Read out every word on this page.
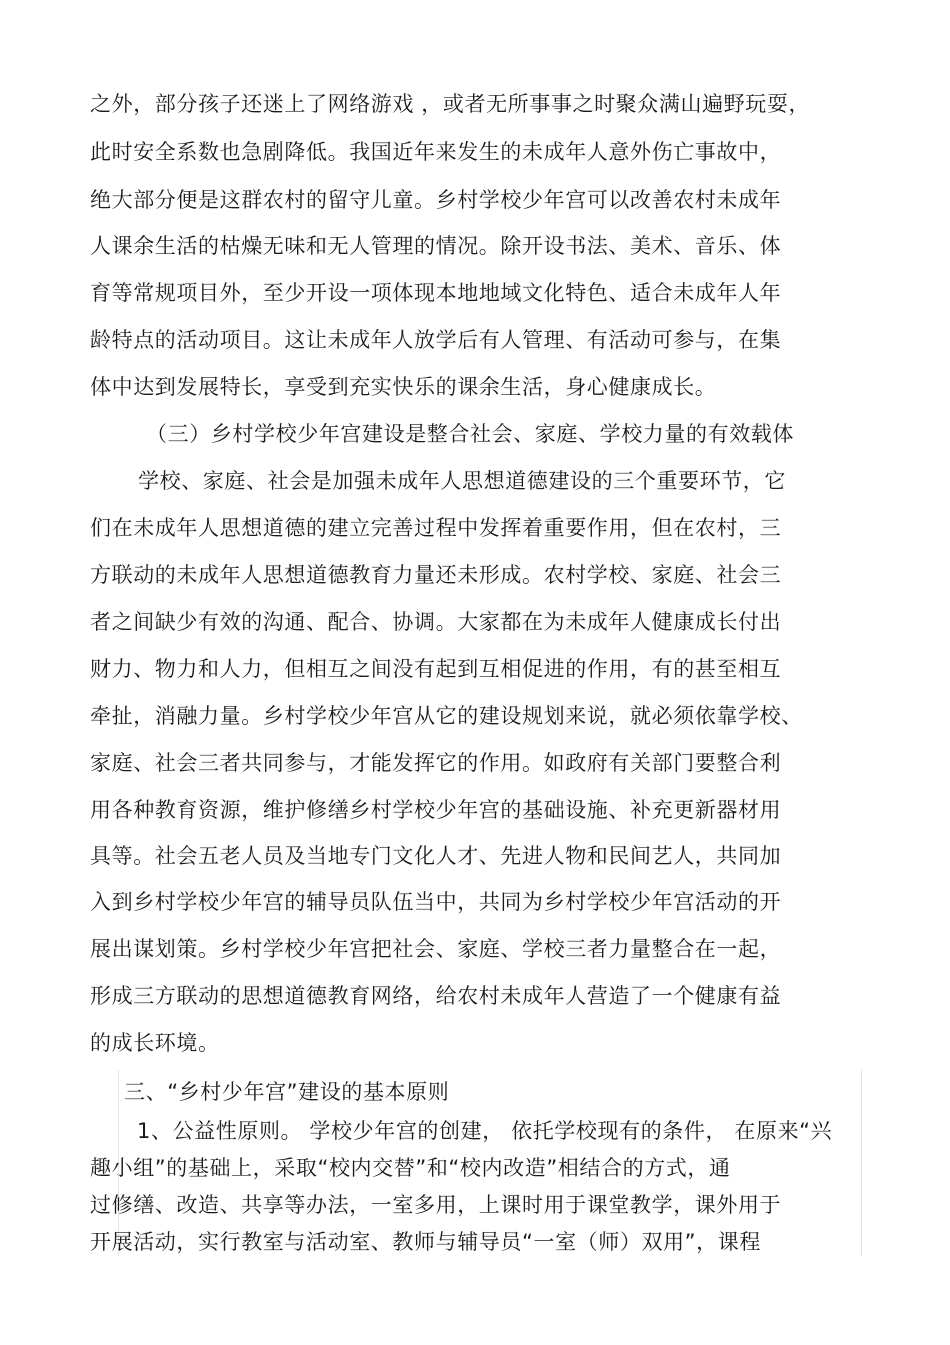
之外，部分孩子还迷上了网络游戏 ，或者无所事事之时聚众满山遍野玩耍，
此时安全系数也急剧降低。我国近年来发生的未成年人意外伤亡事故中，
绝大部分便是这群农村的留守儿童。乡村学校少年宫可以改善农村未成年
人课余生活的枯燥无味和无人管理的情况。除开设书法、美术、音乐、体
育等常规项目外，至少开设一项体现本地地域文化特色、适合未成年人年
龄特点的活动项目。这让未成年人放学后有人管理、有活动可参与，在集
体中达到发展特长，享受到充实快乐的课余生活，身心健康成长。
（三）乡村学校少年宫建设是整合社会、家庭、学校力量的有效载体
学校、家庭、社会是加强未成年人思想道德建设的三个重要环节，它
们在未成年人思想道德的建立完善过程中发挥着重要作用，但在农村，三
方联动的未成年人思想道德教育力量还未形成。农村学校、家庭、社会三
者之间缺少有效的沟通、配合、协调。大家都在为未成年人健康成长付出
财力、物力和人力，但相互之间没有起到互相促进的作用，有的甚至相互
牵扯，消融力量。乡村学校少年宫从它的建设规划来说，就必须依靠学校、
家庭、社会三者共同参与，才能发挥它的作用。如政府有关部门要整合利
用各种教育资源，维护修缮乡村学校少年宫的基础设施、补充更新器材用
具等。社会五老人员及当地专门文化人才、先进人物和民间艺人，共同加
入到乡村学校少年宫的辅导员队伍当中，共同为乡村学校少年宫活动的开
展出谋划策。乡村学校少年宫把社会、家庭、学校三者力量整合在一起，
形成三方联动的思想道德教育网络，给农村未成年人营造了一个健康有益
的成长环境。
三、“乡村少年宫”建设的基本原则
1、公益性原则。 学校少年宫的创建， 依托学校现有的条件， 在原来“兴
趣小组”的基础上，采取“校内交替”和“校内改造”相结合的方式，通
过修缮、改造、共享等办法，一室多用，上课时用于课堂教学，课外用于
开展活动，实行教室与活动室、教师与辅导员“一室（师）双用”，课程
